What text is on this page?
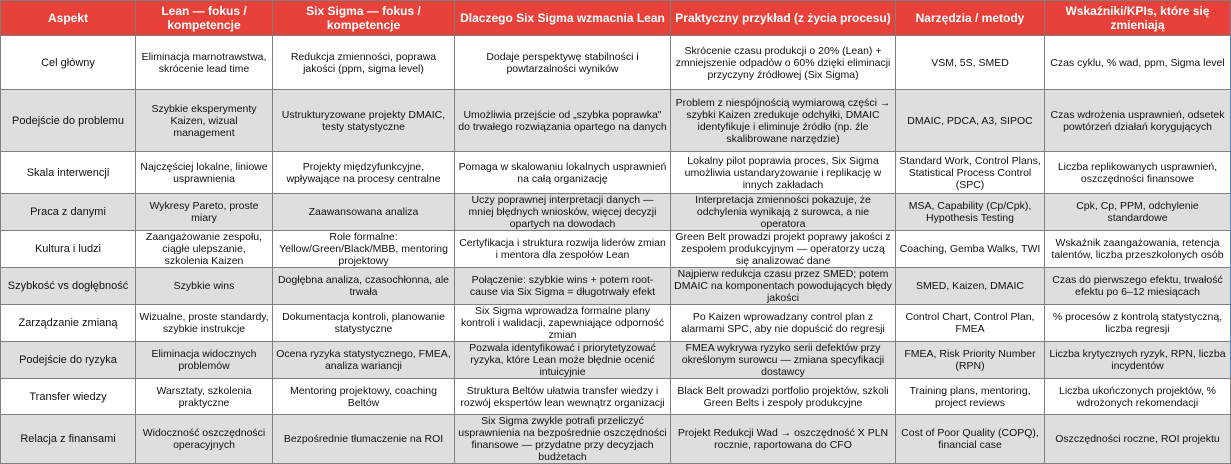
Aspekt	Lean — fokus / kompetencje	Six Sigma — fokus / kompetencje	Dlaczego Six Sigma wzmacnia Lean	Praktyczny przykład (z życia procesu)	Narzędzia / metody	Wskaźniki/KPIs, które się zmieniają
Cel główny	Eliminacja marnotrawstwa, skrócenie lead time	Redukcja zmienności, poprawa jakości (ppm, sigma level)	Dodaje perspektywę stabilności i powtarzalności wyników	Skrócenie czasu produkcji o 20% (Lean) + zmniejszenie odpadów o 60% dzięki eliminacji przyczyny źródłowej (Six Sigma)	VSM, 5S, SMED	Czas cyklu, % wad, ppm, Sigma level
Podejście do problemu	Szybkie eksperymenty Kaizen, wizual management	Ustrukturyzowane projekty DMAIC, testy statystyczne	Umożliwia przejście od „szybka poprawka" do trwałego rozwiązania opartego na danych	Problem z niespójnością wymiarową części → szybki Kaizen zredukuje odchyłki, DMAIC identyfikuje i eliminuje źródło (np. źle skalibrowane narzędzie)	DMAIC, PDCA, A3, SIPOC	Czas wdrożenia usprawnień, odsetek powtórzeń działań korygujących
Skala interwencji	Najczęściej lokalne, liniowe usprawnienia	Projekty międzyfunkcyjne, wpływające na procesy centralne	Pomaga w skalowaniu lokalnych usprawnień na całą organizację	Lokalny pilot poprawia proces, Six Sigma umożliwia ustandaryzowanie i replikację w innych zakładach	Standard Work, Control Plans, Statistical Process Control (SPC)	Liczba replikowanych usprawnień, oszczędności finansowe
Praca z danymi	Wykresy Pareto, proste miary	Zaawansowana analiza	Uczy poprawnej interpretacji danych — mniej błędnych wniosków, więcej decyzji opartych na dowodach	Interpretacja zmienności pokazuje, że odchylenia wynikają z surowca, a nie operatora	MSA, Capability (Cp/Cpk), Hypothesis Testing	Cpk, Cp, PPM, odchylenie standardowe
Kultura i ludzi	Zaangażowanie zespołu, ciągłe ulepszanie, szkolenia Kaizen	Role formalne: Yellow/Green/Black/MBB, mentoring projektowy	Certyfikacja i struktura rozwija liderów zmian i mentora dla zespołów Lean	Green Belt prowadzi projekt poprawy jakości z zespołem produkcyjnym — operatorzy uczą się analizować dane	Coaching, Gemba Walks, TWI	Wskaźnik zaangażowania, retencja talentów, liczba przeszkolonych osób
Szybkość vs dogłębność	Szybkie wins	Dogłębna analiza, czasochłonna, ale trwała	Połączenie: szybkie wins + potem root-cause via Six Sigma = długotrwały efekt	Najpierw redukcja czasu przez SMED; potem DMAIC na komponentach powodujących błędy jakości	SMED, Kaizen, DMAIC	Czas do pierwszego efektu, trwałość efektu po 6–12 miesiącach
Zarządzanie zmianą	Wizualne, proste standardy, szybkie instrukcje	Dokumentacja kontroli, planowanie statystyczne	Six Sigma wprowadza formalne plany kontroli i walidacji, zapewniające odporność zmian	Po Kaizen wprowadzany control plan z alarmami SPC, aby nie dopuścić do regresji	Control Chart, Control Plan, FMEA	% procesów z kontrolą statystyczną, liczba regresji
Podejście do ryzyka	Eliminacja widocznych problemów	Ocena ryzyka statystycznego, FMEA, analiza wariancji	Pozwala identyfikować i priorytetyzować ryzyka, które Lean może błędnie ocenić intuicyjnie	FMEA wykrywa ryzyko serii defektów przy określonym surowcu — zmiana specyfikacji dostawcy	FMEA, Risk Priority Number (RPN)	Liczba krytycznych ryzyk, RPN, liczba incydentów
Transfer wiedzy	Warsztaty, szkolenia praktyczne	Mentoring projektowy, coaching Beltów	Struktura Beltów ułatwia transfer wiedzy i rozwój ekspertów lean wewnątrz organizacji	Black Belt prowadzi portfolio projektów, szkoli Green Belts i zespoły produkcyjne	Training plans, mentoring, project reviews	Liczba ukończonych projektów, % wdrożonych rekomendacji
Relacja z finansami	Widoczność oszczędności operacyjnych	Bezpośrednie tłumaczenie na ROI	Six Sigma zwykle potrafi przeliczyć usprawnienia na bezpośrednie oszczędności finansowe — przydatne przy decyzjach budżetach	Projekt Redukcji Wad → oszczędność X PLN rocznie, raportowana do CFO	Cost of Poor Quality (COPQ), financial case	Oszczędności roczne, ROI projektu
